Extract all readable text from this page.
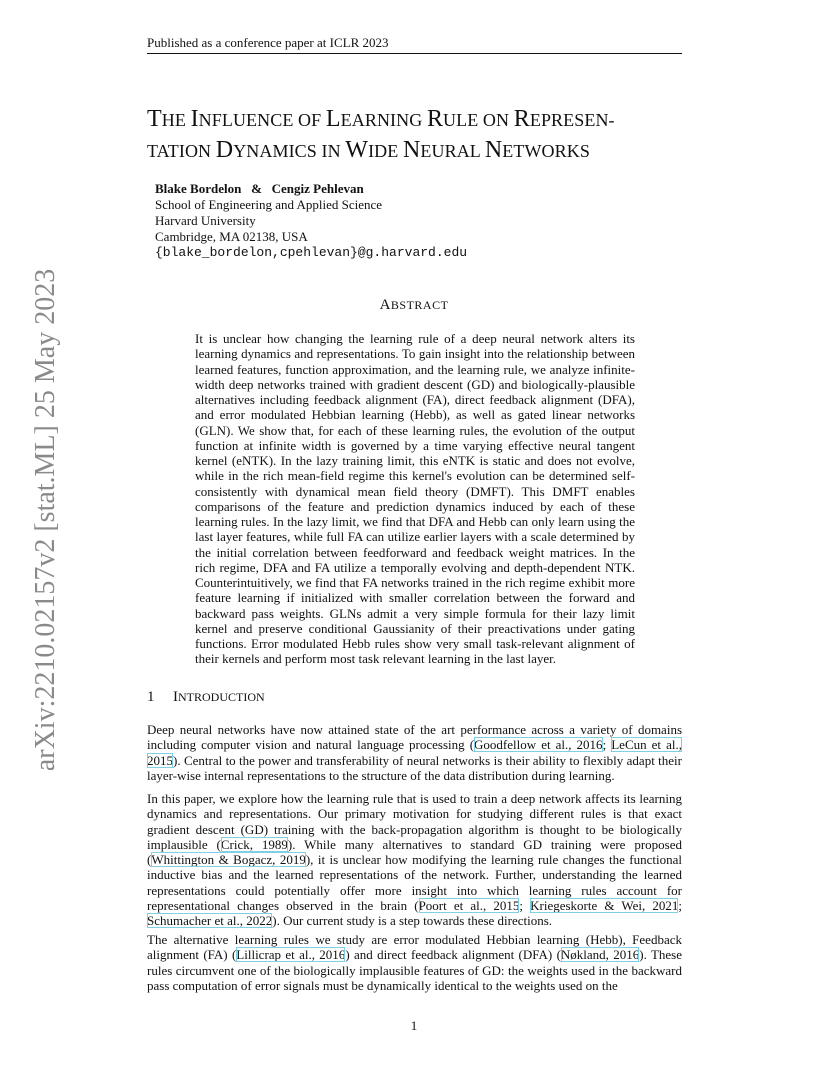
arXiv:2210.02157v2 [stat.ML] 25 May 2023
Published as a conference paper at ICLR 2023
THE INFLUENCE OF LEARNING RULE ON REPRESEN-
TATION DYNAMICS IN WIDE NEURAL NETWORKS
Blake Bordelon   &   Cengiz Pehlevan
School of Engineering and Applied Science
Harvard University
Cambridge, MA 02138, USA
{blake_bordelon,cpehlevan}@g.harvard.edu
ABSTRACT
It is unclear how changing the learning rule of a deep neural network alters its learning dynamics and representations. To gain insight into the relationship between learned features, function approximation, and the learning rule, we analyze infinite-width deep networks trained with gradient descent (GD) and biologically-plausible alternatives including feedback alignment (FA), direct feedback alignment (DFA), and error modulated Hebbian learning (Hebb), as well as gated linear networks (GLN). We show that, for each of these learning rules, the evolution of the output function at infinite width is governed by a time varying effective neural tangent kernel (eNTK). In the lazy training limit, this eNTK is static and does not evolve, while in the rich mean-field regime this kernel's evolution can be determined self-consistently with dynamical mean field theory (DMFT). This DMFT enables comparisons of the feature and prediction dynamics induced by each of these learning rules. In the lazy limit, we find that DFA and Hebb can only learn using the last layer features, while full FA can utilize earlier layers with a scale determined by the initial correlation between feedforward and feedback weight matrices. In the rich regime, DFA and FA utilize a temporally evolving and depth-dependent NTK. Counterintuitively, we find that FA networks trained in the rich regime exhibit more feature learning if initialized with smaller correlation between the forward and backward pass weights. GLNs admit a very simple formula for their lazy limit kernel and preserve conditional Gaussianity of their preactivations under gating functions. Error modulated Hebb rules show very small task-relevant alignment of their kernels and perform most task relevant learning in the last layer.
1 INTRODUCTION
Deep neural networks have now attained state of the art performance across a variety of domains including computer vision and natural language processing (Goodfellow et al., 2016; LeCun et al., 2015). Central to the power and transferability of neural networks is their ability to flexibly adapt their layer-wise internal representations to the structure of the data distribution during learning.
In this paper, we explore how the learning rule that is used to train a deep network affects its learning dynamics and representations. Our primary motivation for studying different rules is that exact gradient descent (GD) training with the back-propagation algorithm is thought to be biologically implausible (Crick, 1989). While many alternatives to standard GD training were proposed (Whittington & Bogacz, 2019), it is unclear how modifying the learning rule changes the functional inductive bias and the learned representations of the network. Further, understanding the learned representations could potentially offer more insight into which learning rules account for representational changes observed in the brain (Poort et al., 2015; Kriegeskorte & Wei, 2021; Schumacher et al., 2022). Our current study is a step towards these directions.
The alternative learning rules we study are error modulated Hebbian learning (Hebb), Feedback alignment (FA) (Lillicrap et al., 2016) and direct feedback alignment (DFA) (Nøkland, 2016). These rules circumvent one of the biologically implausible features of GD: the weights used in the backward pass computation of error signals must be dynamically identical to the weights used on the
1
